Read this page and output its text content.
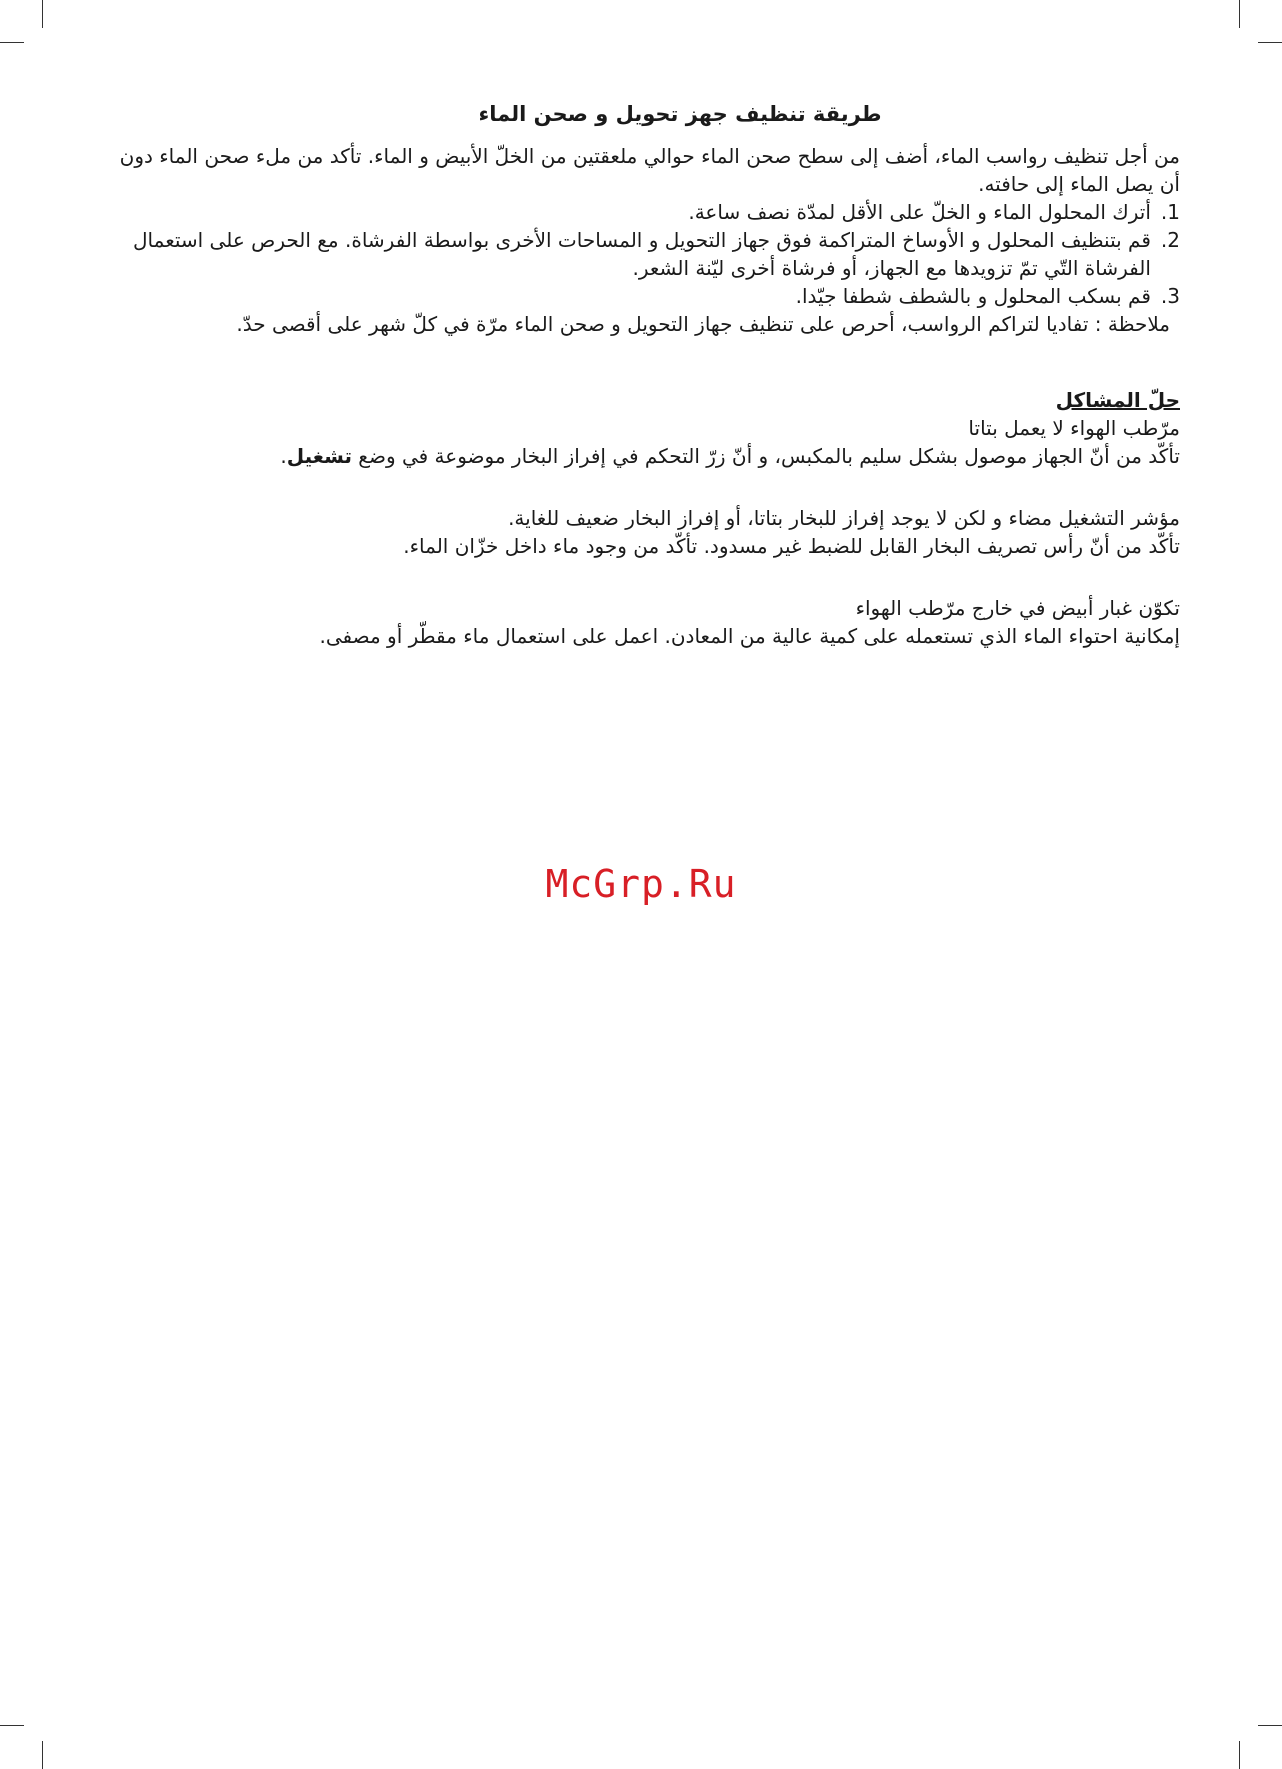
طريقة تنظيف جهز تحويل و صحن الماء

من أجل تنظيف رواسب الماء، أضف إلى سطح صحن الماء حوالي ملعقتين من الخلّ الأبيض و الماء. تأكد من ملء صحن الماء دون أن يصل الماء إلى حافته.

1.
أترك المحلول الماء و الخلّ على الأقل لمدّة نصف ساعة.
2.
قم بتنظيف المحلول و الأوساخ المتراكمة فوق جهاز التحويل و المساحات الأخرى بواسطة الفرشاة. مع الحرص على استعمال الفرشاة التّي تمّ تزويدها مع الجهاز، أو فرشاة أخرى ليّنة الشعر.
3.
قم بسكب المحلول و بالشطف شطفا جيّدا.

ملاحظة : تفاديا لتراكم الرواسب، أحرص على تنظيف جهاز التحويل و صحن الماء مرّة في كلّ شهر على أقصى حدّ.

حلّ المشاكل

مرّطب الهواء لا يعمل بتاتا

تأكّد من أنّ الجهاز موصول بشكل سليم بالمكبس، و أنّ زرّ التحكم في إفراز البخار موضوعة في وضع تشغيل.

مؤشر التشغيل مضاء و لكن لا يوجد إفراز للبخار بتاتا، أو إفراز البخار ضعيف للغاية.

تأكّد من أنّ رأس تصريف البخار القابل للضبط غير مسدود. تأكّد من وجود ماء داخل خزّان الماء.

تكوّن غبار أبيض في خارج مرّطب الهواء

إمكانية احتواء الماء الذي تستعمله على كمية عالية من المعادن. اعمل على استعمال ماء مقطّر أو مصفى.

McGrp.Ru
